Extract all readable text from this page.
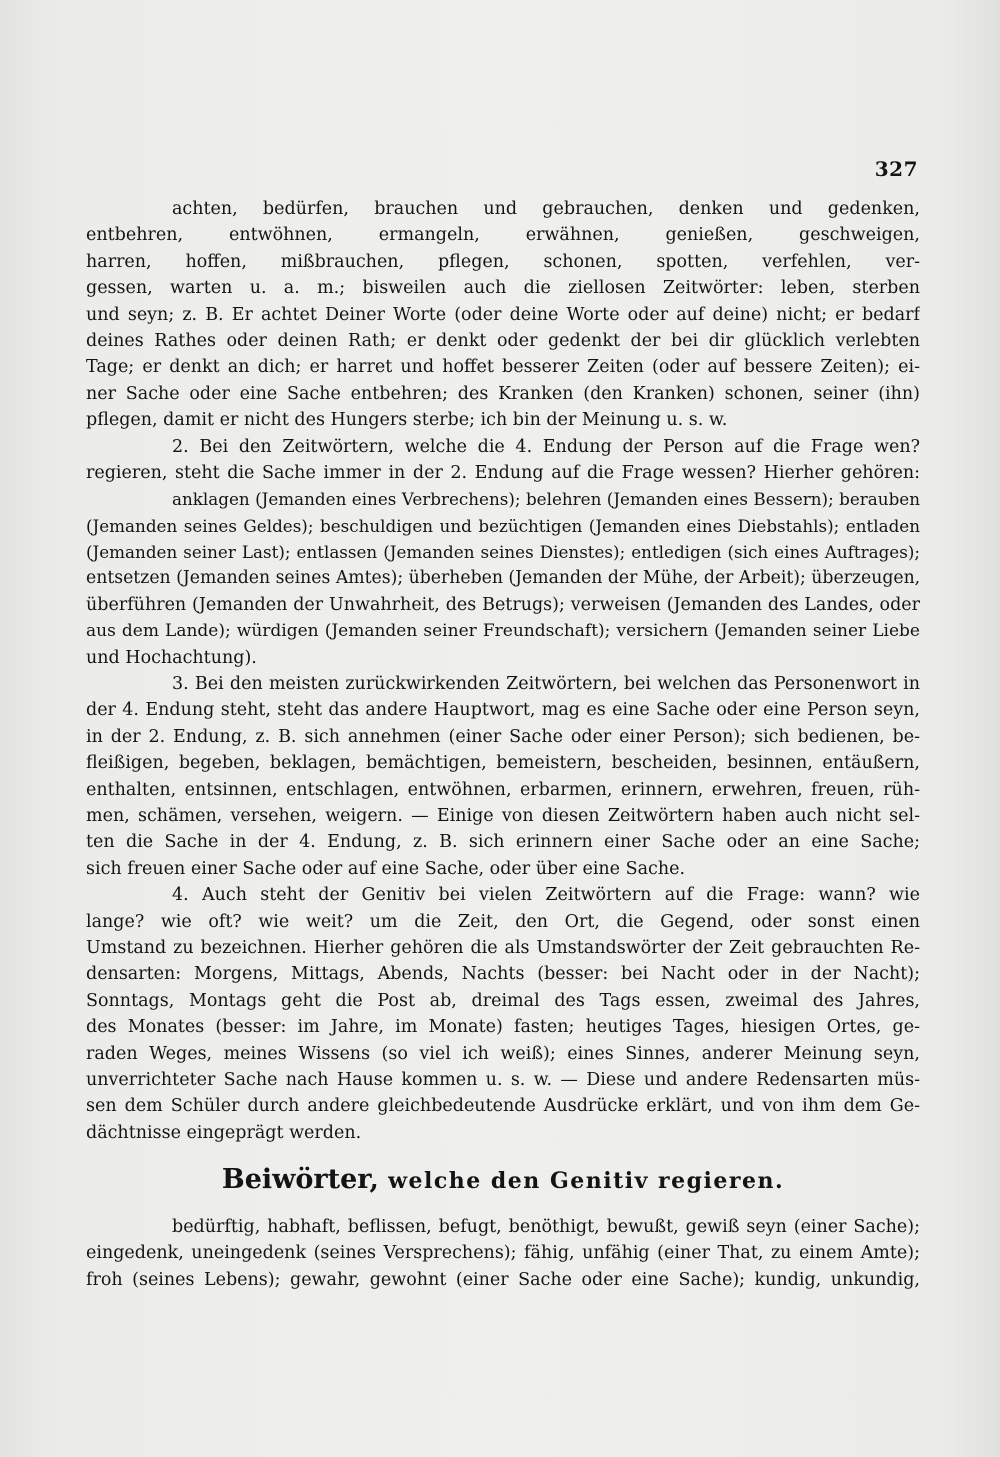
327
achten, bedürfen, brauchen und gebrauchen, denken und gedenken,
entbehren, entwöhnen, ermangeln, erwähnen, genießen, geschweigen,
harren, hoffen, mißbrauchen, pflegen, schonen, spotten, verfehlen, ver-
gessen, warten u. a. m.; bisweilen auch die ziellosen Zeitwörter: leben, sterben
und seyn; z. B. Er achtet Deiner Worte (oder deine Worte oder auf deine) nicht; er bedarf
deines Rathes oder deinen Rath; er denkt oder gedenkt der bei dir glücklich verlebten
Tage; er denkt an dich; er harret und hoffet besserer Zeiten (oder auf bessere Zeiten); ei-
ner Sache oder eine Sache entbehren; des Kranken (den Kranken) schonen, seiner (ihn)
pflegen, damit er nicht des Hungers sterbe; ich bin der Meinung u. s. w.
2. Bei den Zeitwörtern, welche die 4. Endung der Person auf die Frage wen?
regieren, steht die Sache immer in der 2. Endung auf die Frage wessen? Hierher gehören:
anklagen (Jemanden eines Verbrechens); belehren (Jemanden eines Bessern); berauben
(Jemanden seines Geldes); beschuldigen und bezüchtigen (Jemanden eines Diebstahls); entladen
(Jemanden seiner Last); entlassen (Jemanden seines Dienstes); entledigen (sich eines Auftrages);
entsetzen (Jemanden seines Amtes); überheben (Jemanden der Mühe, der Arbeit); überzeugen,
überführen (Jemanden der Unwahrheit, des Betrugs); verweisen (Jemanden des Landes, oder
aus dem Lande); würdigen (Jemanden seiner Freundschaft); versichern (Jemanden seiner Liebe
und Hochachtung).
3. Bei den meisten zurückwirkenden Zeitwörtern, bei welchen das Personenwort in
der 4. Endung steht, steht das andere Hauptwort, mag es eine Sache oder eine Person seyn,
in der 2. Endung, z. B. sich annehmen (einer Sache oder einer Person); sich bedienen, be-
fleißigen, begeben, beklagen, bemächtigen, bemeistern, bescheiden, besinnen, entäußern,
enthalten, entsinnen, entschlagen, entwöhnen, erbarmen, erinnern, erwehren, freuen, rüh-
men, schämen, versehen, weigern. — Einige von diesen Zeitwörtern haben auch nicht sel-
ten die Sache in der 4. Endung, z. B. sich erinnern einer Sache oder an eine Sache;
sich freuen einer Sache oder auf eine Sache, oder über eine Sache.
4. Auch steht der Genitiv bei vielen Zeitwörtern auf die Frage: wann? wie
lange? wie oft? wie weit? um die Zeit, den Ort, die Gegend, oder sonst einen
Umstand zu bezeichnen. Hierher gehören die als Umstandswörter der Zeit gebrauchten Re-
densarten: Morgens, Mittags, Abends, Nachts (besser: bei Nacht oder in der Nacht);
Sonntags, Montags geht die Post ab, dreimal des Tags essen, zweimal des Jahres,
des Monates (besser: im Jahre, im Monate) fasten; heutiges Tages, hiesigen Ortes, ge-
raden Weges, meines Wissens (so viel ich weiß); eines Sinnes, anderer Meinung seyn,
unverrichteter Sache nach Hause kommen u. s. w. — Diese und andere Redensarten müs-
sen dem Schüler durch andere gleichbedeutende Ausdrücke erklärt, und von ihm dem Ge-
dächtnisse eingeprägt werden.
Beiwörter, welche den Genitiv regieren.
bedürftig, habhaft, beflissen, befugt, benöthigt, bewußt, gewiß seyn (einer Sache);
eingedenk, uneingedenk (seines Versprechens); fähig, unfähig (einer That, zu einem Amte);
froh (seines Lebens); gewahr, gewohnt (einer Sache oder eine Sache); kundig, unkundig,
